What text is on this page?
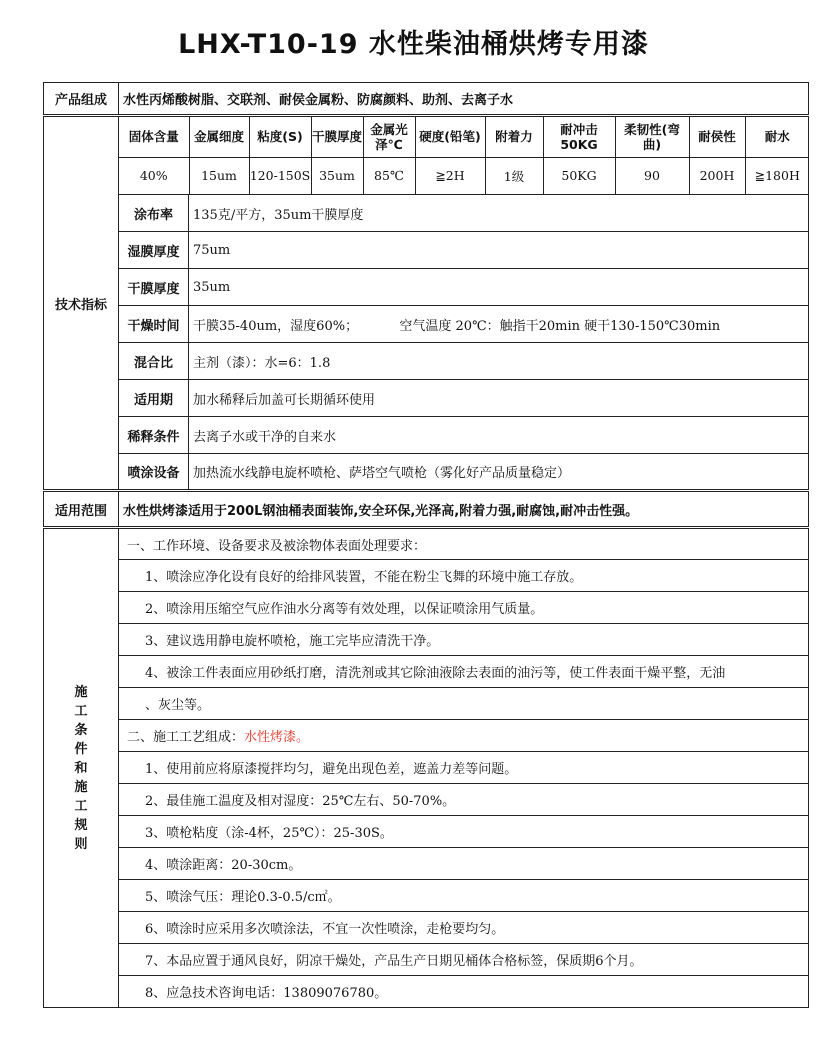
LHX-T10-19 水性柴油桶烘烤专用漆
产品组成	水性丙烯酸树脂、交联剂、耐侯金属粉、防腐颜料、助剂、去离子水
技术指标	
固体含量	金属细度	粘度(S)	干膜厚度	金属光泽℃	硬度(铅笔)	附着力	耐冲击50KG	柔韧性(弯曲)	耐侯性	耐水
40%	15um	120-150S	35um	85℃	≧2H	1级	50KG	90	200H	≧180H

涂布率	135克/平方，35um干膜厚度
湿膜厚度	75um
干膜厚度	35um
干燥时间	干膜35-40um，湿度60%；          空气温度 20℃：触指干20min 硬干130-150℃30min
混合比	主剂（漆）：水=6：1.8
适用期	加水稀释后加盖可长期循环使用
稀释条件	去离子水或干净的自来水
喷涂设备	加热流水线静电旋杯喷枪、萨塔空气喷枪（雾化好产品质量稳定）
适用范围	水性烘烤漆适用于200L钢油桶表面装饰,安全环保,光泽高,附着力强,耐腐蚀,耐冲击性强。

施
工
条
件
和
施
工
规
则
	一、工作环境、设备要求及被涂物体表面处理要求：
1、喷涂应净化设有良好的给排风装置，不能在粉尘飞舞的环境中施工存放。
2、喷涂用压缩空气应作油水分离等有效处理，以保证喷涂用气质量。
3、建议选用静电旋杯喷枪，施工完毕应清洗干净。
4、被涂工件表面应用砂纸打磨，清洗剂或其它除油液除去表面的油污等，使工件表面干燥平整，无油
、灰尘等。
二、施工工艺组成：水性烤漆。
1、使用前应将原漆搅拌均匀，避免出现色差，遮盖力差等问题。
2、最佳施工温度及相对湿度：25℃左右、50-70%。
3、喷枪粘度（涂-4杯，25℃）：25-30S。
4、喷涂距离：20-30cm。
5、喷涂气压：理论0.3-0.5/c㎡。
6、喷涂时应采用多次喷涂法，不宜一次性喷涂，走枪要均匀。
7、本品应置于通风良好，阴凉干燥处，产品生产日期见桶体合格标签，保质期6个月。
8、应急技术咨询电话：13809076780。
